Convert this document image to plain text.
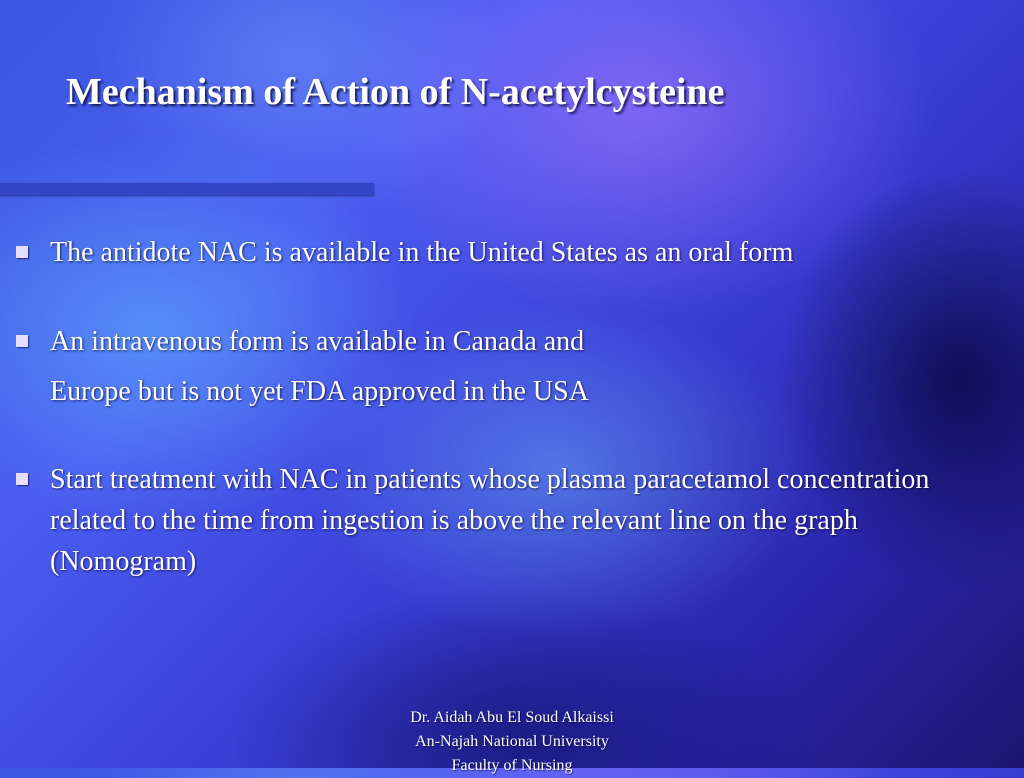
Mechanism of Action of N-acetylcysteine
The antidote NAC is available in the United States as an oral form
An intravenous form is available in Canada and
Europe but is not yet FDA approved in the USA
Start treatment with NAC in patients whose plasma paracetamol concentration related to the time from ingestion is above the relevant line on the graph (Nomogram)
Dr. Aidah Abu El Soud Alkaissi
An-Najah National University
Faculty of Nursing
